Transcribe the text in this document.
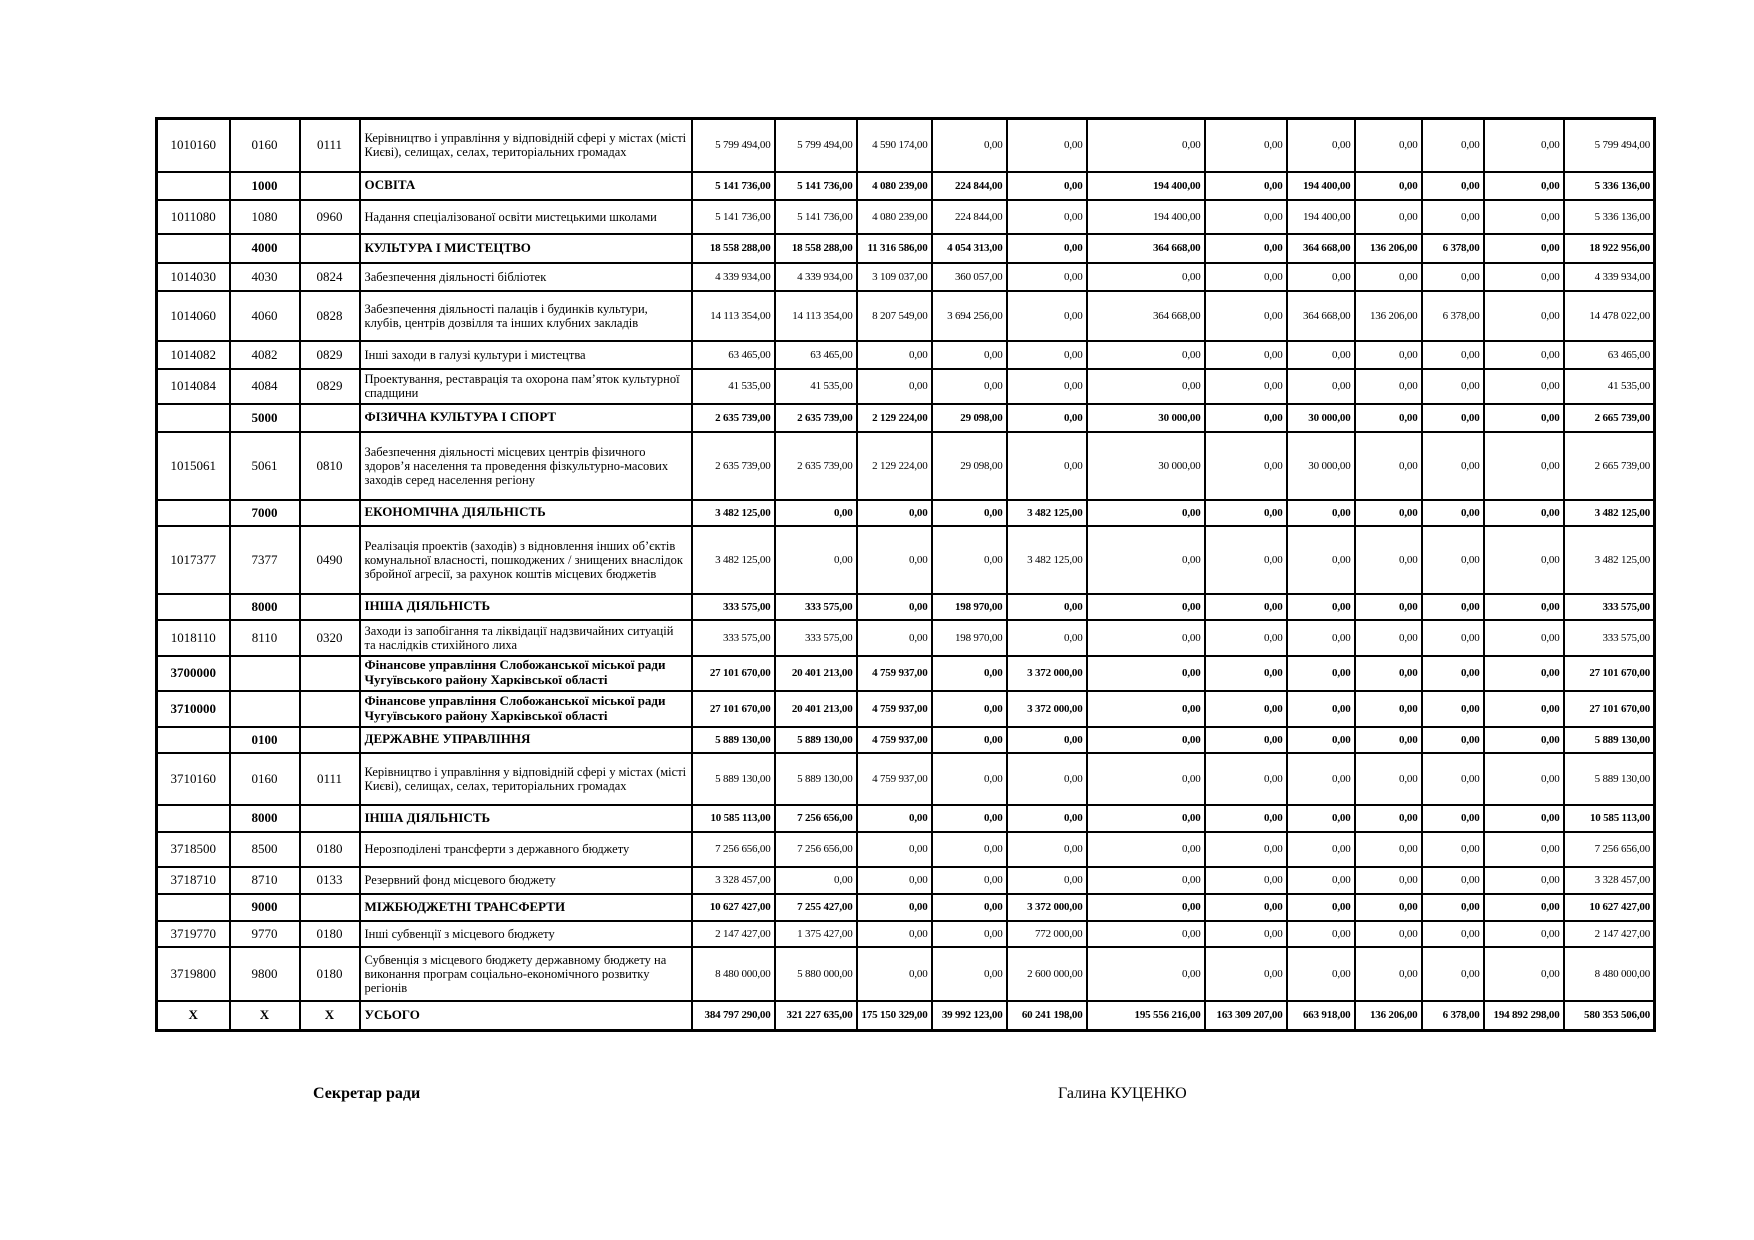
1010160	0160	0111	Керівництво і управління у відповідній сфері у містах (місті Києві), селищах, селах, територіальних громадах	5 799 494,00	5 799 494,00	4 590 174,00	0,00	0,00	0,00	0,00	0,00	0,00	0,00	0,00	5 799 494,00
	1000		ОСВІТА	5 141 736,00	5 141 736,00	4 080 239,00	224 844,00	0,00	194 400,00	0,00	194 400,00	0,00	0,00	0,00	5 336 136,00
1011080	1080	0960	Надання спеціалізованої освіти мистецькими школами	5 141 736,00	5 141 736,00	4 080 239,00	224 844,00	0,00	194 400,00	0,00	194 400,00	0,00	0,00	0,00	5 336 136,00
	4000		КУЛЬТУРА І МИСТЕЦТВО	18 558 288,00	18 558 288,00	11 316 586,00	4 054 313,00	0,00	364 668,00	0,00	364 668,00	136 206,00	6 378,00	0,00	18 922 956,00
1014030	4030	0824	Забезпечення діяльності бібліотек	4 339 934,00	4 339 934,00	3 109 037,00	360 057,00	0,00	0,00	0,00	0,00	0,00	0,00	0,00	4 339 934,00
1014060	4060	0828	Забезпечення діяльності палаців і будинків культури, клубів, центрів дозвілля та інших клубних закладів	14 113 354,00	14 113 354,00	8 207 549,00	3 694 256,00	0,00	364 668,00	0,00	364 668,00	136 206,00	6 378,00	0,00	14 478 022,00
1014082	4082	0829	Інші заходи в галузі культури і мистецтва	63 465,00	63 465,00	0,00	0,00	0,00	0,00	0,00	0,00	0,00	0,00	0,00	63 465,00
1014084	4084	0829	Проектування, реставрація та охорона пам’яток культурної спадщини	41 535,00	41 535,00	0,00	0,00	0,00	0,00	0,00	0,00	0,00	0,00	0,00	41 535,00
	5000		ФІЗИЧНА КУЛЬТУРА І СПОРТ	2 635 739,00	2 635 739,00	2 129 224,00	29 098,00	0,00	30 000,00	0,00	30 000,00	0,00	0,00	0,00	2 665 739,00
1015061	5061	0810	Забезпечення діяльності місцевих центрів фізичного здоров’я населення та проведення фізкультурно-масових заходів серед населення регіону	2 635 739,00	2 635 739,00	2 129 224,00	29 098,00	0,00	30 000,00	0,00	30 000,00	0,00	0,00	0,00	2 665 739,00
	7000		ЕКОНОМІЧНА ДІЯЛЬНІСТЬ	3 482 125,00	0,00	0,00	0,00	3 482 125,00	0,00	0,00	0,00	0,00	0,00	0,00	3 482 125,00
1017377	7377	0490	Реалізація проектів (заходів) з відновлення інших об’єктів комунальної власності, пошкоджених / знищених внаслідок збройної агресії, за рахунок коштів місцевих бюджетів	3 482 125,00	0,00	0,00	0,00	3 482 125,00	0,00	0,00	0,00	0,00	0,00	0,00	3 482 125,00
	8000		ІНША ДІЯЛЬНІСТЬ	333 575,00	333 575,00	0,00	198 970,00	0,00	0,00	0,00	0,00	0,00	0,00	0,00	333 575,00
1018110	8110	0320	Заходи із запобігання та ліквідації надзвичайних ситуацій та наслідків стихійного лиха	333 575,00	333 575,00	0,00	198 970,00	0,00	0,00	0,00	0,00	0,00	0,00	0,00	333 575,00
3700000			Фінансове управління Слобожанської міської ради Чугуївського району Харківської області	27 101 670,00	20 401 213,00	4 759 937,00	0,00	3 372 000,00	0,00	0,00	0,00	0,00	0,00	0,00	27 101 670,00
3710000			Фінансове управління Слобожанської міської ради Чугуївського району Харківської області	27 101 670,00	20 401 213,00	4 759 937,00	0,00	3 372 000,00	0,00	0,00	0,00	0,00	0,00	0,00	27 101 670,00
	0100		ДЕРЖАВНЕ УПРАВЛІННЯ	5 889 130,00	5 889 130,00	4 759 937,00	0,00	0,00	0,00	0,00	0,00	0,00	0,00	0,00	5 889 130,00
3710160	0160	0111	Керівництво і управління у відповідній сфері у містах (місті Києві), селищах, селах, територіальних громадах	5 889 130,00	5 889 130,00	4 759 937,00	0,00	0,00	0,00	0,00	0,00	0,00	0,00	0,00	5 889 130,00
	8000		ІНША ДІЯЛЬНІСТЬ	10 585 113,00	7 256 656,00	0,00	0,00	0,00	0,00	0,00	0,00	0,00	0,00	0,00	10 585 113,00
3718500	8500	0180	Нерозподілені трансферти з державного бюджету	7 256 656,00	7 256 656,00	0,00	0,00	0,00	0,00	0,00	0,00	0,00	0,00	0,00	7 256 656,00
3718710	8710	0133	Резервний фонд місцевого бюджету	3 328 457,00	0,00	0,00	0,00	0,00	0,00	0,00	0,00	0,00	0,00	0,00	3 328 457,00
	9000		МІЖБЮДЖЕТНІ ТРАНСФЕРТИ	10 627 427,00	7 255 427,00	0,00	0,00	3 372 000,00	0,00	0,00	0,00	0,00	0,00	0,00	10 627 427,00
3719770	9770	0180	Інші субвенції з місцевого бюджету	2 147 427,00	1 375 427,00	0,00	0,00	772 000,00	0,00	0,00	0,00	0,00	0,00	0,00	2 147 427,00
3719800	9800	0180	Субвенція з місцевого бюджету державному бюджету на виконання програм соціально-економічного розвитку регіонів	8 480 000,00	5 880 000,00	0,00	0,00	2 600 000,00	0,00	0,00	0,00	0,00	0,00	0,00	8 480 000,00
X	X	X	УСЬОГО	384 797 290,00	321 227 635,00	175 150 329,00	39 992 123,00	60 241 198,00	195 556 216,00	163 309 207,00	663 918,00	136 206,00	6 378,00	194 892 298,00	580 353 506,00
Секретар ради	Галина КУЦЕНКО
